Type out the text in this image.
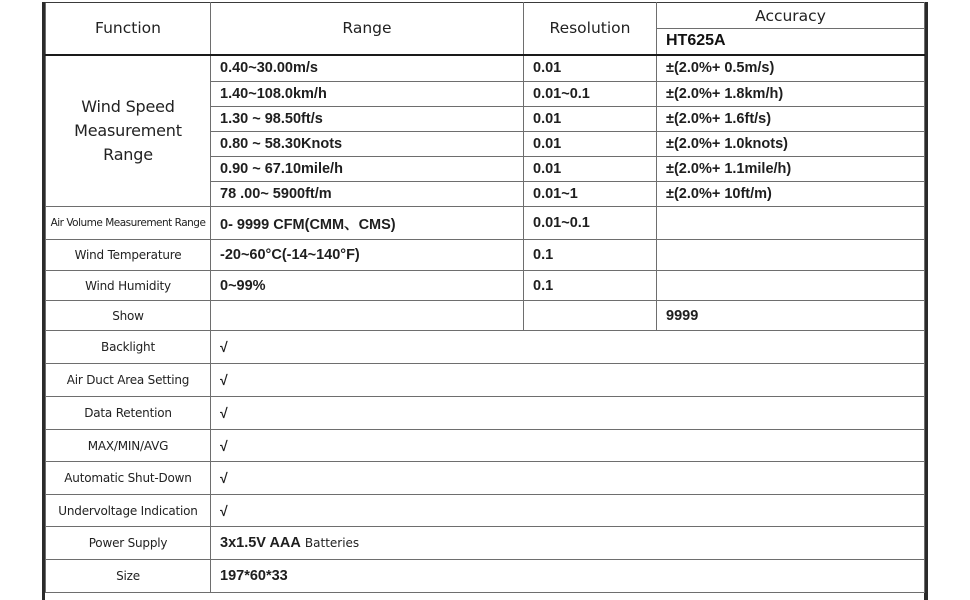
Function	Range	Resolution	Accuracy
			HT625A
Wind Speed Measurement Range	0.40~30.00m/s	0.01	±(2.0%+ 0.5m/s)
	1.40~108.0km/h	0.01~0.1	±(2.0%+ 1.8km/h)
	1.30 ~ 98.50ft/s	0.01	±(2.0%+ 1.6ft/s)
	0.80 ~ 58.30Knots	0.01	±(2.0%+ 1.0knots)
	0.90 ~ 67.10mile/h	0.01	±(2.0%+ 1.1mile/h)
	78 .00~ 5900ft/m	0.01~1	±(2.0%+ 10ft/m)
Air Volume Measurement Range	0- 9999 CFM(CMM、CMS)	0.01~0.1	
Wind Temperature	-20~60°C(-14~140°F)	0.1	
Wind Humidity	0~99%	0.1	
Show			9999
Backlight	√		
Air Duct Area Setting	√		
Data Retention	√		
MAX/MIN/AVG	√		
Automatic Shut-Down	√		
Undervoltage Indication	√		
Power Supply	3x1.5V AAA Batteries		
Size	197*60*33		
